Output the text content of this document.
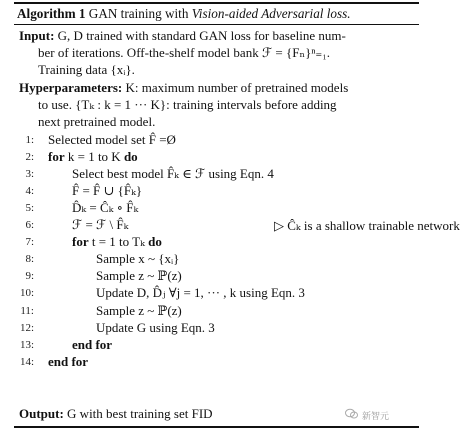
Algorithm 1 GAN training with Vision-aided Adversarial loss.
Input: G, D trained with standard GAN loss for baseline num-
ber of iterations. Off-the-shelf model bank ℱ = {Fₙ}ⁿ₌₁.
Training data {xᵢ}.
Hyperparameters: K: maximum number of pretrained models
to use. {Tₖ : k = 1 ··· K}: training intervals before adding
next pretrained model.
1: Selected model set F̂ =Ø
2: for k = 1 to K do
3:	Select best model F̂ₖ ∈ ℱ using Eqn. 4
4:	F̂ = F̂ ∪ {F̂ₖ}
5:	D̂ₖ = Ĉₖ ∘ F̂ₖ
6:	ℱ = ℱ \ F̂ₖ
7:	for t = 1 to Tₖ do
8:	Sample x ~ {xᵢ}
9:	Sample z ~ ℙ(z)
10:	Update D, D̂ⱼ ∀j = 1, ··· , k using Eqn. 3
11:	Sample z ~ ℙ(z)
12:	Update G using Eqn. 3
13:	end for
14: end for
▷ Ĉₖ is a shallow trainable network
Output: G with best training set FID	新智元
